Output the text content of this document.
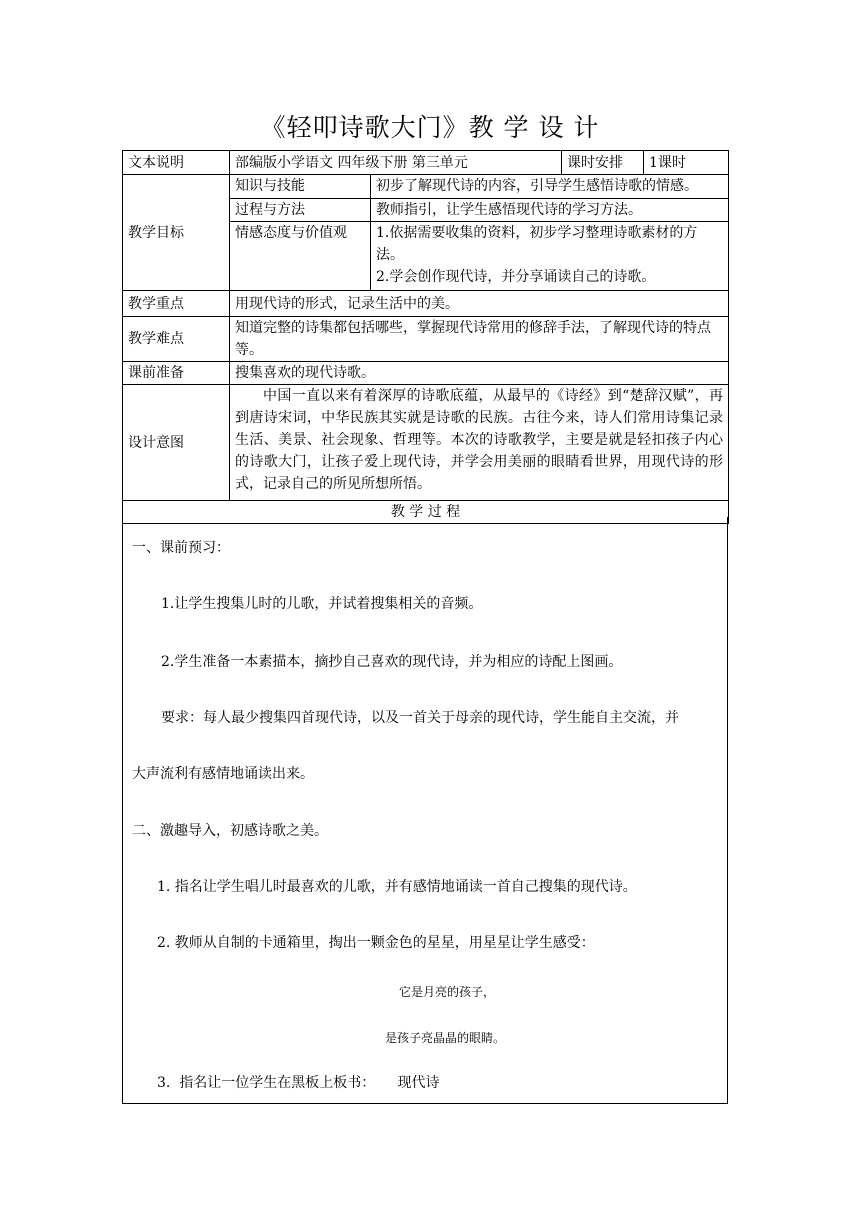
《轻叩诗歌大门》教 学 设 计
文本说明	部编版小学语文 四年级下册 第三单元		课时安排	1课时
教学目标	知识与技能	初步了解现代诗的内容，引导学生感悟诗歌的情感。		
	过程与方法	教师指引，让学生感悟现代诗的学习方法。		
	情感态度与价值观	1.依据需要收集的资料，初步学习整理诗歌素材的方法。
2.学会创作现代诗，并分享诵读自己的诗歌。		

教学重点	用现代诗的形式，记录生活中的美。			
教学难点	知道完整的诗集都包括哪些，掌握现代诗常用的修辞手法，了解现代诗的特点等。			
课前准备	搜集喜欢的现代诗歌。			
设计意图	中国一直以来有着深厚的诗歌底蕴，从最早的《诗经》到“楚辞汉赋”，再到唐诗宋词，中华民族其实就是诗歌的民族。古往今来，诗人们常用诗集记录生活、美景、社会现象、哲理等。本次的诗歌教学，主要是就是轻扣孩子内心的诗歌大门，让孩子爱上现代诗，并学会用美丽的眼睛看世界，用现代诗的形式，记录自己的所见所想所悟。			
教 学 过 程				
一、课前预习：
1.让学生搜集儿时的儿歌，并试着搜集相关的音频。
2.学生准备一本素描本，摘抄自己喜欢的现代诗，并为相应的诗配上图画。
要求：每人最少搜集四首现代诗，以及一首关于母亲的现代诗，学生能自主交流，并
大声流利有感情地诵读出来。
二、激趣导入，初感诗歌之美。
1. 指名让学生唱儿时最喜欢的儿歌，并有感情地诵读一首自己搜集的现代诗。
2. 教师从自制的卡通箱里，掏出一颗金色的星星，用星星让学生感受：
它是月亮的孩子，
是孩子亮晶晶的眼睛。
3.  指名让一位学生在黑板上板书：     现代诗
